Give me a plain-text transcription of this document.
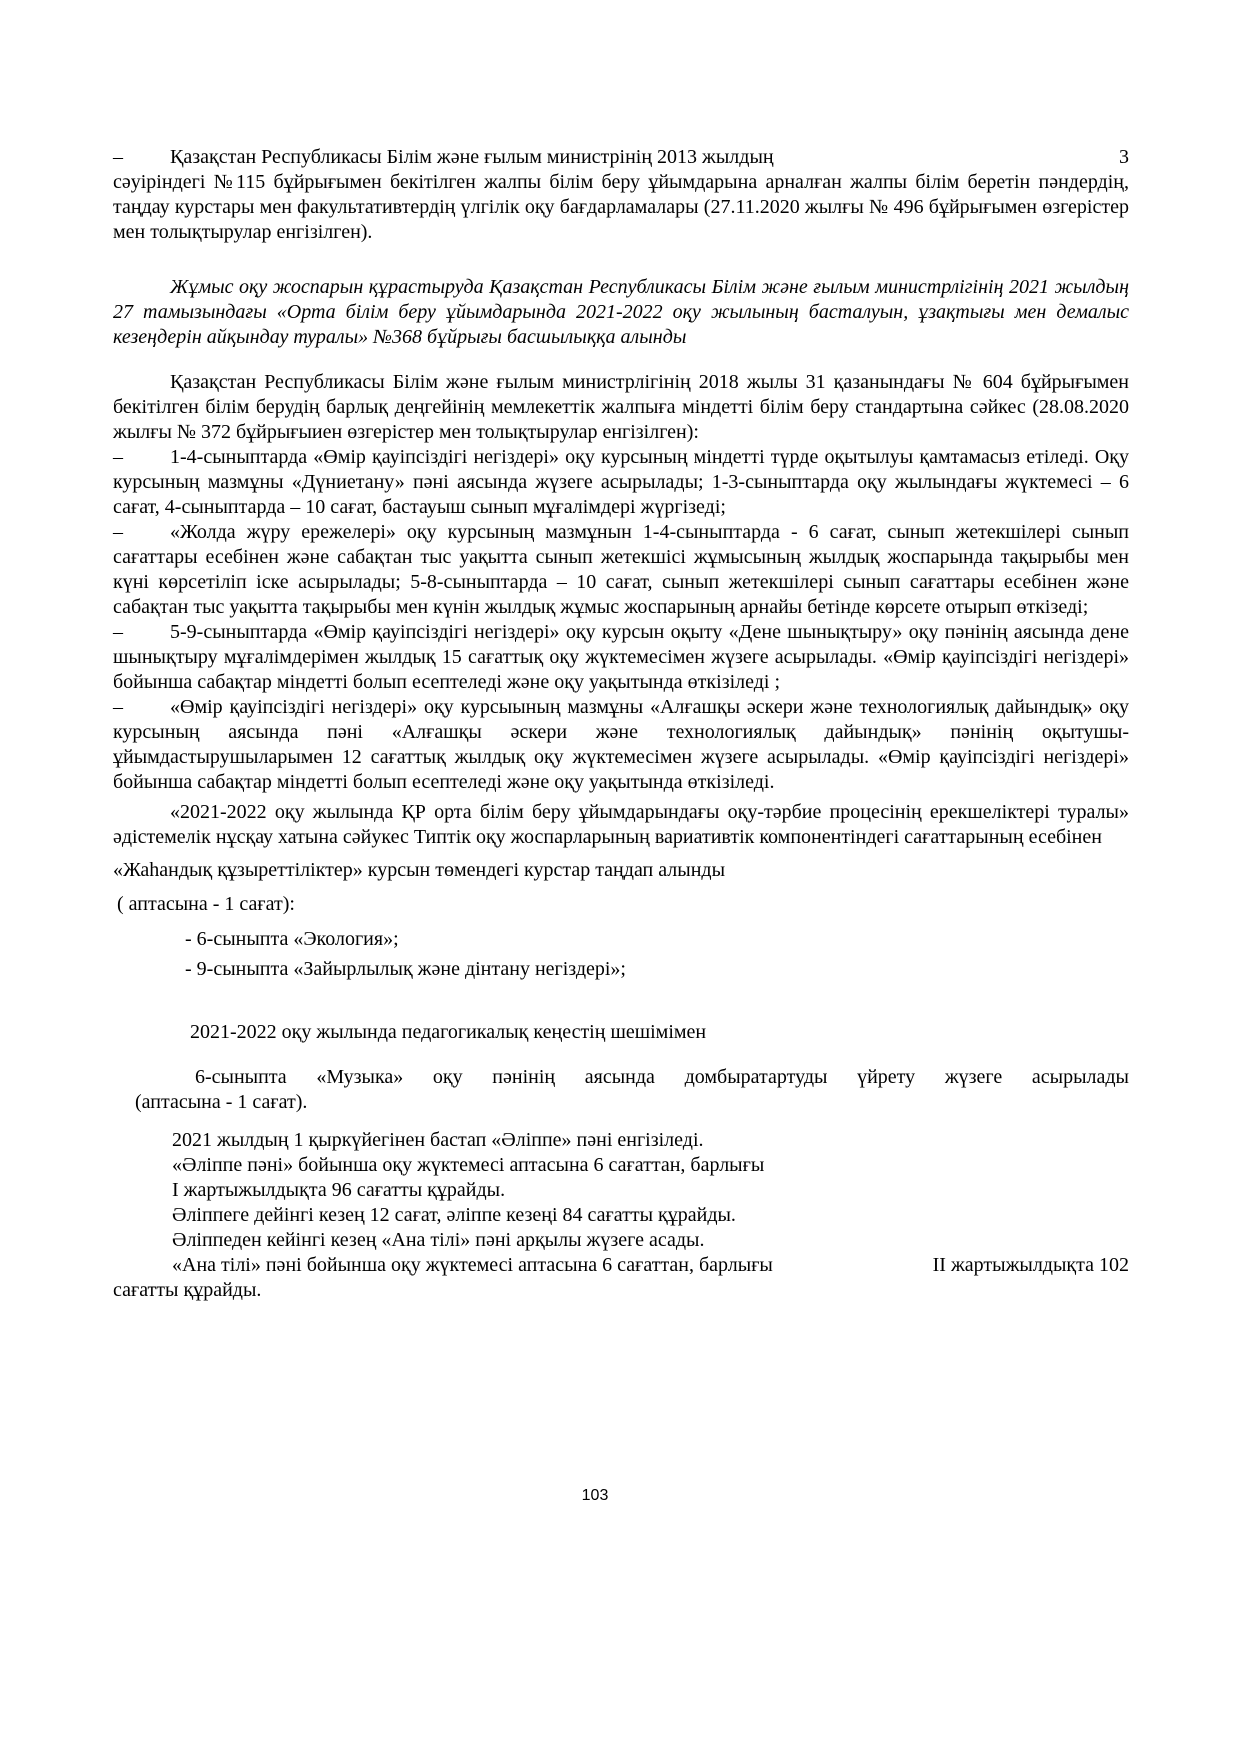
– Қазақстан Республикасы Білім және ғылым министрінің 2013 жылдың	3
сәуіріндегі №115 бұйрығымен бекітілген жалпы білім беру ұйымдарына арналған жалпы білім беретін пәндердің, таңдау курстары мен факультативтердің үлгілік оқу бағдарламалары (27.11.2020 жылғы № 496 бұйрығымен өзгерістер мен толықтырулар енгізілген).
Жұмыс оқу жоспарын құрастыруда Қазақстан Республикасы Білім және ғылым министрлігінің 2021 жылдың 27 тамызындағы «Орта білім беру ұйымдарында 2021-2022 оқу жылының басталуын, ұзақтығы мен демалыс кезеңдерін айқындау туралы» №368 бұйрығы басшылыққа алынды
Қазақстан Республикасы Білім және ғылым министрлігінің 2018 жылы 31 қазанындағы № 604 бұйрығымен бекітілген білім берудің барлық деңгейінің мемлекеттік жалпыға міндетті білім беру стандартына сәйкес (28.08.2020 жылғы № 372 бұйрығыиен өзгерістер мен толықтырулар енгізілген):
– 1-4-сыныптарда «Өмір қауіпсіздігі негіздері» оқу курсының міндетті түрде оқытылуы қамтамасыз етіледі. Оқу курсының мазмұны «Дүниетану» пәні аясында жүзеге асырылады; 1-3-сыныптарда оқу жылындағы жүктемесі – 6 сағат, 4-сыныптарда – 10 сағат, бастауыш сынып мұғалімдері жүргізеді;
– «Жолда жүру ережелері» оқу курсының мазмұнын 1-4-сыныптарда - 6 сағат, сынып жетекшілері сынып сағаттары есебінен және сабақтан тыс уақытта сынып жетекшісі жұмысының жылдық жоспарында тақырыбы мен күні көрсетіліп іске асырылады; 5-8-сыныптарда – 10 сағат, сынып жетекшілері сынып сағаттары есебінен және сабақтан тыс уақытта тақырыбы мен күнін жылдық жұмыс жоспарының арнайы бетінде көрсете отырып өткізеді;
– 5-9-сыныптарда «Өмір қауіпсіздігі негіздері» оқу курсын оқыту «Дене шынықтыру» оқу пәнінің аясында дене шынықтыру мұғалімдерімен жылдық 15 сағаттық оқу жүктемесімен жүзеге асырылады. «Өмір қауіпсіздігі негіздері» бойынша сабақтар міндетті болып есептеледі және оқу уақытында өткізіледі ;
– «Өмір қауіпсіздігі негіздері» оқу курсыының мазмұны «Алғашқы әскери және технологиялық дайындық» оқу курсының аясында пәні «Алғашқы әскери және технологиялық дайындық» пәнінің оқытушы-ұйымдастырушыларымен 12 сағаттық жылдық оқу жүктемесімен жүзеге асырылады. «Өмір қауіпсіздігі негіздері» бойынша сабақтар міндетті болып есептеледі және оқу уақытында өткізіледі.
«2021-2022 оқу жылында ҚР орта білім беру ұйымдарындағы оқу-тәрбие процесінің ерекшеліктері туралы» әдістемелік нұсқау хатына сәйукес Типтік оқу жоспарларының вариативтік компонентіндегі сағаттарының есебінен
«Жаһандық құзыреттіліктер» курсын төмендегі курстар таңдап алынды
( аптасына - 1 сағат):
- 6-сыныпта «Экология»;
- 9-сыныпта «Зайырлылық және дінтану негіздері»;
2021-2022 оқу жылында педагогикалық кеңестің шешімімен
6-сыныпта «Музыка» оқу пәнінің аясында домбыратартуды үйрету жүзеге асырылады
(аптасына - 1 сағат).
2021 жылдың 1 қыркүйегінен бастап «Әліппе» пәні енгізіледі.
«Әліппе пәні» бойынша оқу жүктемесі аптасына 6 сағаттан, барлығы
I жартыжылдықта 96 сағатты құрайды.
Әліппеге дейінгі кезең 12 сағат, әліппе кезеңі 84 сағатты құрайды.
Әліппеден кейінгі кезең «Ана тілі» пәні арқылы жүзеге асады.
«Ана тілі» пәні бойынша оқу жүктемесі аптасына 6 сағаттан, барлығы	II жартыжылдықта 102
сағатты құрайды.
103
